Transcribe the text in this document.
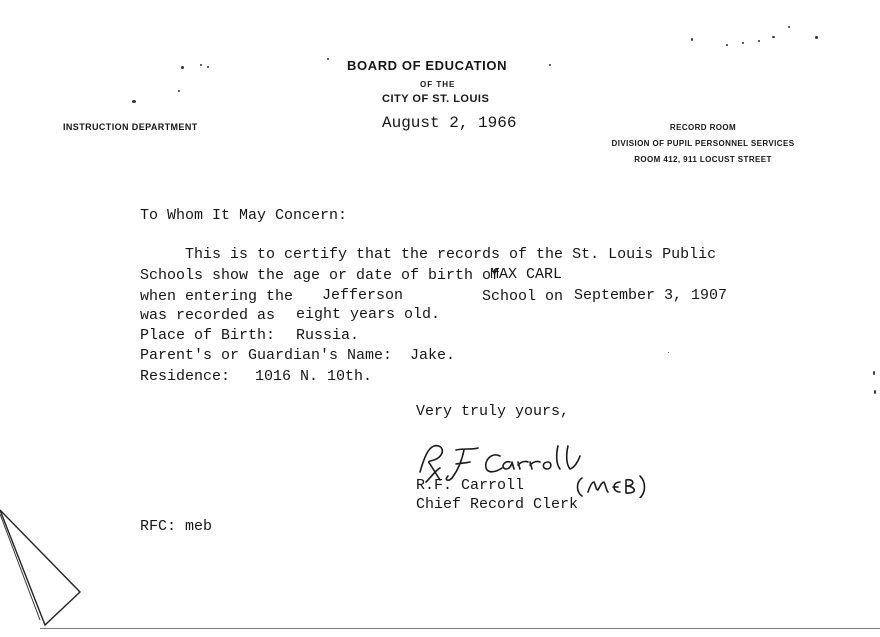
BOARD OF EDUCATION
OF THE
CITY OF ST. LOUIS
August 2, 1966
INSTRUCTION DEPARTMENT	RECORD ROOM
DIVISION OF PUPIL PERSONNEL SERVICES
ROOM 412, 911 LOCUST STREET
To Whom It May Concern:
This is to certify that the records of the St. Louis Public
Schools show the age or date of birth of
MAX CARL
when entering the Jefferson	School on September 3, 1907
was recorded as eight years old.
Place of Birth: Russia.
Parent's or Guardian's Name: Jake.
Residence: 1016 N. 10th.
Very truly yours,
R.F. Carroll
Chief Record Clerk
RFC: meb
